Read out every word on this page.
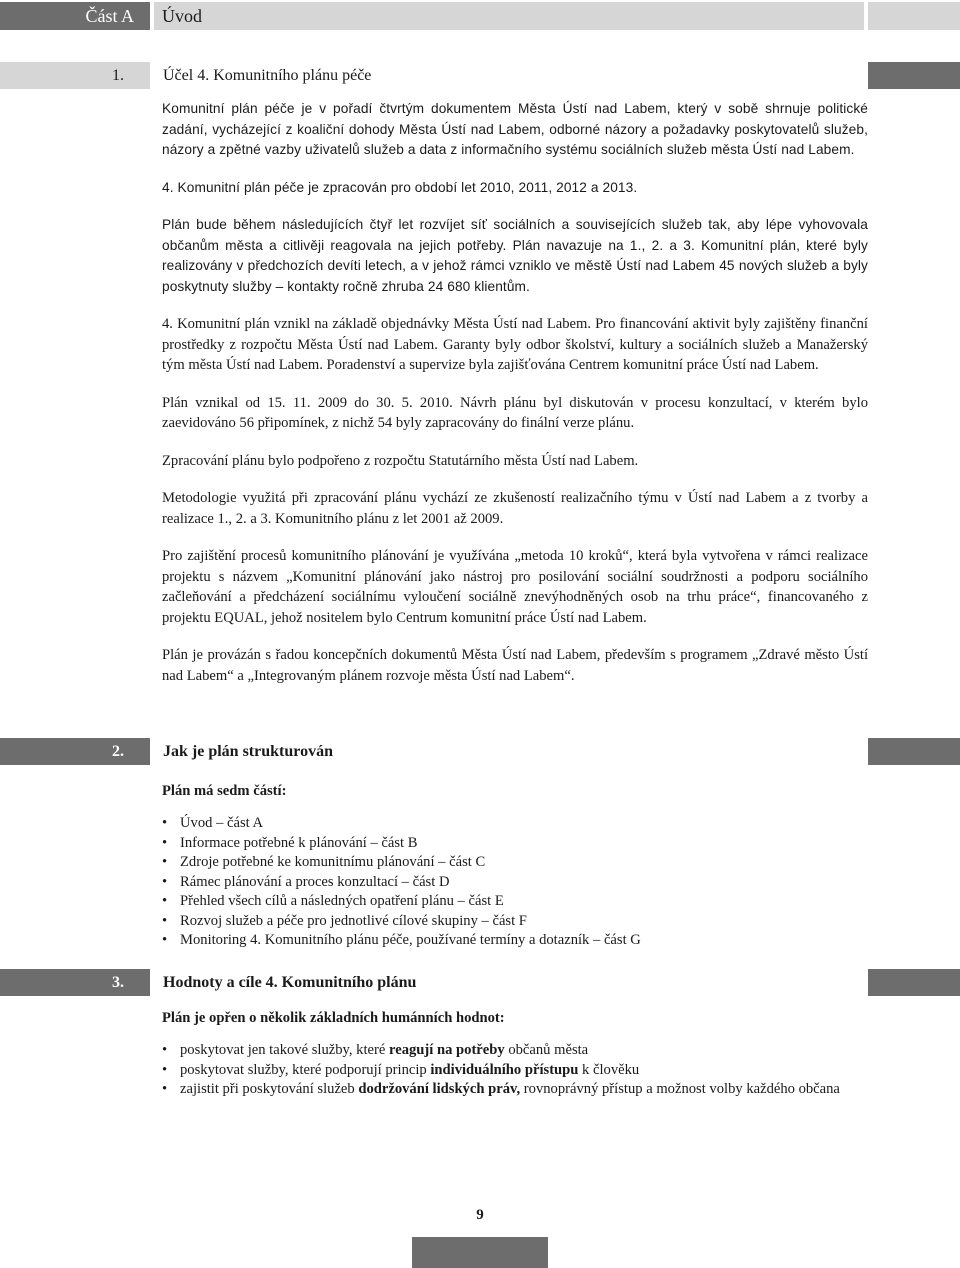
Část A	Úvod
1.	Účel 4. Komunitního plánu péče

Komunitní plán péče je v pořadí čtvrtým dokumentem Města Ústí nad Labem, který v sobě shrnuje politické zadání, vycházející z koaliční dohody Města Ústí nad Labem, odborné názory a požadavky poskytovatelů služeb, názory a zpětné vazby uživatelů služeb a data z informačního systému sociálních služeb města Ústí nad Labem.

4. Komunitní plán péče je zpracován pro období let 2010, 2011, 2012 a 2013.

Plán bude během následujících čtyř let rozvíjet síť sociálních a souvisejících služeb tak, aby lépe vyhovovala občanům města a citlivěji reagovala na jejich potřeby. Plán navazuje na 1., 2. a 3. Komunitní plán, které byly realizovány v předchozích devíti letech, a v jehož rámci vzniklo ve městě Ústí nad Labem 45 nových služeb a byly poskytnuty služby – kontakty ročně zhruba 24 680 klientům.

4. Komunitní plán vznikl na základě objednávky Města Ústí nad Labem. Pro financování aktivit byly zajištěny finanční prostředky z rozpočtu Města Ústí nad Labem. Garanty byly odbor školství, kultury a sociálních služeb a Manažerský tým města Ústí nad Labem. Poradenství a supervize byla zajišťována Centrem komunitní práce Ústí nad Labem.

Plán vznikal od 15. 11. 2009 do 30. 5. 2010. Návrh plánu byl diskutován v procesu konzultací, v kterém bylo zaevidováno 56 připomínek, z nichž 54 byly zapracovány do finální verze plánu.

Zpracování plánu bylo podpořeno z rozpočtu Statutárního města Ústí nad Labem.

Metodologie využitá při zpracování plánu vychází ze zkušeností realizačního týmu v Ústí nad Labem a z tvorby a realizace 1., 2. a 3. Komunitního plánu z let 2001 až 2009.

Pro zajištění procesů komunitního plánování je využívána „metoda 10 kroků“, která byla vytvořena v rámci realizace projektu s názvem „Komunitní plánování jako nástroj pro posilování sociální soudržnosti a podporu sociálního začleňování a předcházení sociálnímu vyloučení sociálně znevýhodněných osob na trhu práce“, financovaného z projektu EQUAL, jehož nositelem bylo Centrum komunitní práce Ústí nad Labem.

Plán je provázán s řadou koncepčních dokumentů Města Ústí nad Labem, především s programem „Zdravé město Ústí nad Labem“ a „Integrovaným plánem rozvoje města Ústí nad Labem“.

2.	Jak je plán strukturován
Plán má sedm částí:
• Úvod – část A
• Informace potřebné k plánování – část B
• Zdroje potřebné ke komunitnímu plánování – část C
• Rámec plánování a proces konzultací – část D
• Přehled všech cílů a následných opatření plánu – část E
• Rozvoj služeb a péče pro jednotlivé cílové skupiny – část F
• Monitoring 4. Komunitního plánu péče, používané termíny a dotazník – část G
3.	Hodnoty a cíle 4. Komunitního plánu
Plán je opřen o několik základních humánních hodnot:
• poskytovat jen takové služby, které reagují na potřeby občanů města
• poskytovat služby, které podporují princip individuálního přístupu k člověku
• zajistit při poskytování služeb dodržování lidských práv, rovnoprávný přístup a možnost volby každého občana
9
